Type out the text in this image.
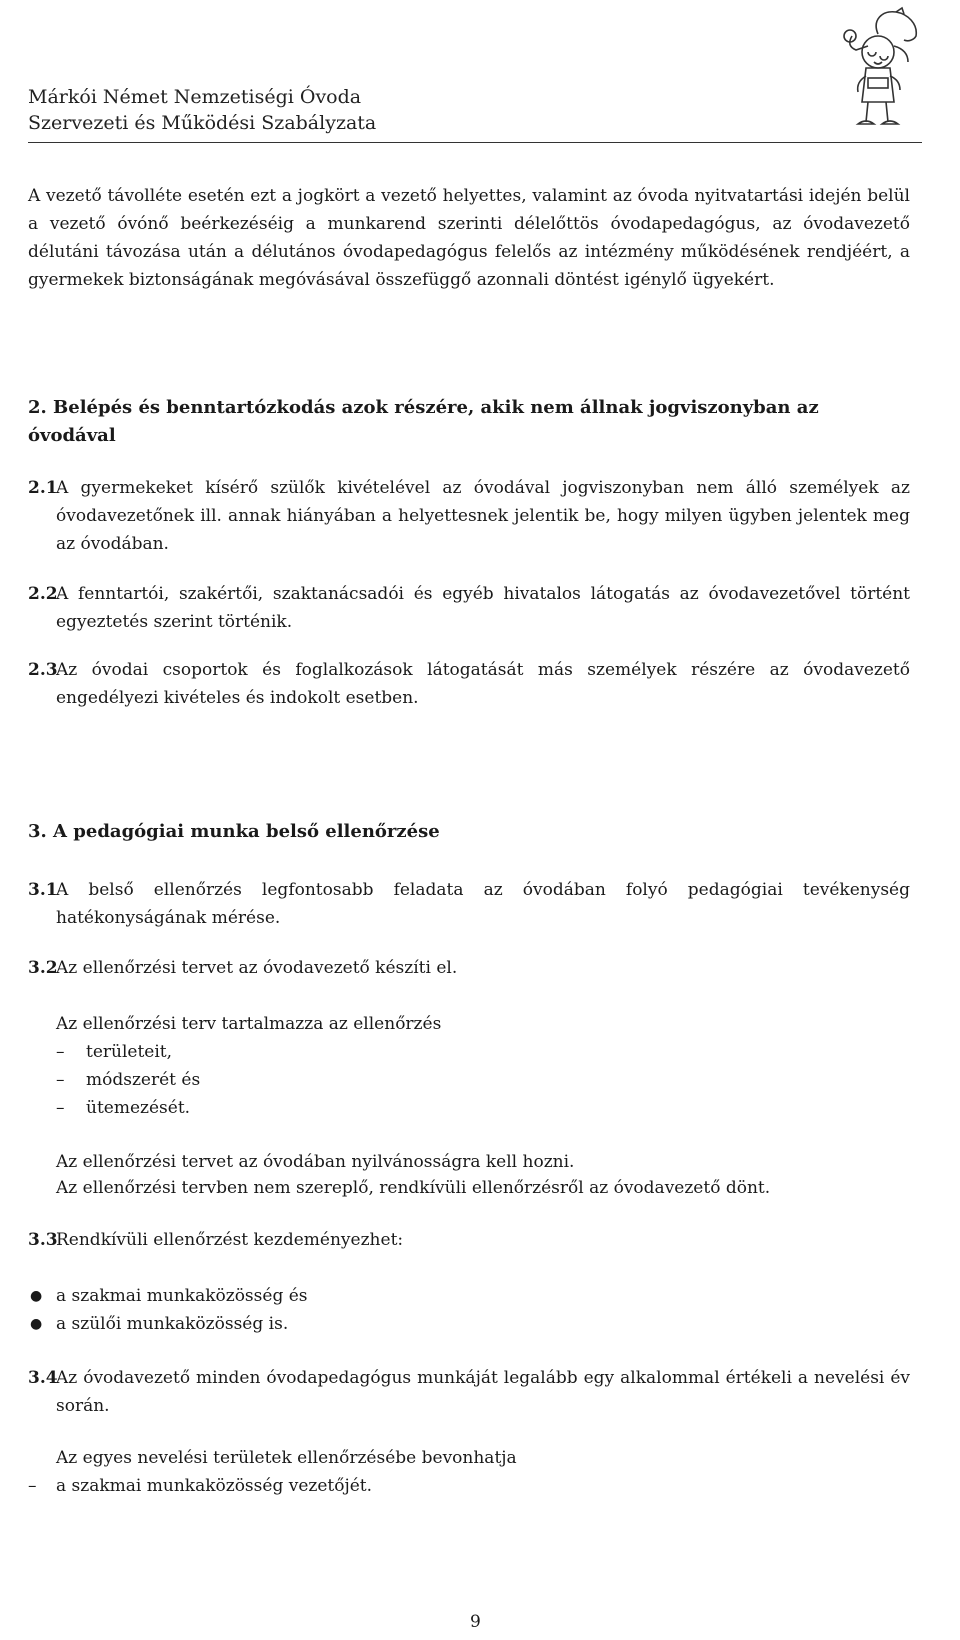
Márkói Német Nemzetiségi Óvoda
Szervezeti és Működési Szabályzata

A vezető távolléte esetén ezt a jogkört a vezető helyettes, valamint az óvoda nyitvatartási idején belül a vezető óvónő beérkezéséig a munkarend szerinti délelőttös óvodapedagógus, az óvodavezető délutáni távozása után a délutános óvodapedagógus felelős az intézmény működésének rendjéért, a gyermekek biztonságának megóvásával összefüggő azonnali döntést igénylő ügyekért.

2. Belépés és benntartózkodás azok részére, akik nem állnak jogviszonyban az óvodával

2.1

A gyermekeket kísérő szülők kivételével az óvodával jogviszonyban nem álló személyek az óvodavezetőnek ill. annak hiányában a helyettesnek jelentik be, hogy milyen ügyben jelentek meg az óvodában.

2.2

A fenntartói, szakértői, szaktanácsadói és egyéb hivatalos látogatás az óvodavezetővel történt egyeztetés szerint történik.

2.3

Az óvodai csoportok és foglalkozások látogatását más személyek részére az óvodavezető engedélyezi kivételes és indokolt esetben.

3. A pedagógiai munka belső ellenőrzése

3.1

A belső ellenőrzés legfontosabb feladata az óvodában folyó pedagógiai tevékenység hatékonyságának mérése.

3.2

Az ellenőrzési tervet az óvodavezető készíti el.

Az ellenőrzési terv tartalmazza az ellenőrzés

– területeit,
– módszerét és
– ütemezését.

Az ellenőrzési tervet az óvodában nyilvánosságra kell hozni.

Az ellenőrzési tervben nem szereplő, rendkívüli ellenőrzésről az óvodavezető dönt.

3.3

Rendkívüli ellenőrzést kezdeményezhet:

● a szakmai munkaközösség és
● a szülői munkaközösség is.
3.4

Az óvodavezető minden óvodapedagógus munkáját legalább egy alkalommal értékeli a nevelési év során.

Az egyes nevelési területek ellenőrzésébe bevonhatja

– a szakmai munkaközösség vezetőjét.
9
